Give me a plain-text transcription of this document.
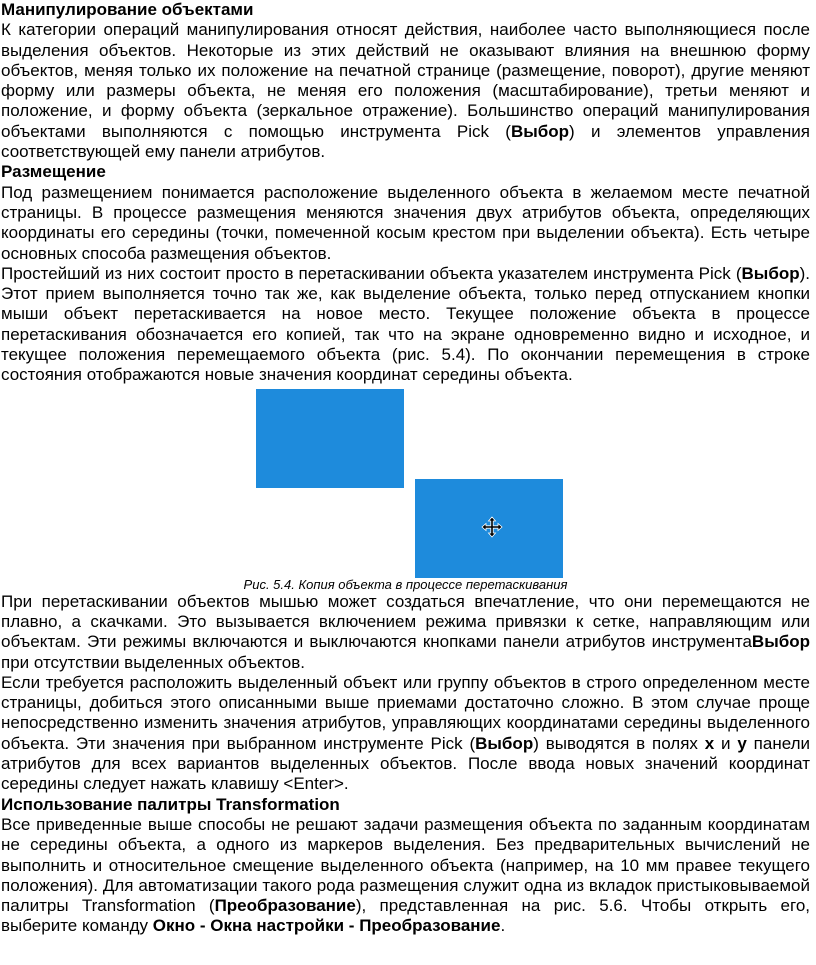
Манипулирование объектами

К категории операций манипулирования относят действия, наиболее часто выполняющиеся после выделения объектов. Некоторые из этих действий не оказывают влияния на внешнюю форму объектов, меняя только их положение на печатной странице (размещение, поворот), другие меняют форму или размеры объекта, не меняя его положения (масштабирование), третьи меняют и положение, и форму объекта (зеркальное отражение). Большинство операций манипулирования объектами выполняются с помощью инструмента Pick (Выбор) и элементов управления соответствующей ему панели атрибутов.

Размещение

Под размещением понимается расположение выделенного объекта в желаемом месте печатной страницы. В процессе размещения меняются значения двух атрибутов объекта, определяющих координаты его середины (точки, помеченной косым крестом при выделении объекта). Есть четыре основных способа размещения объектов.

Простейший из них состоит просто в перетаскивании объекта указателем инструмента Pick (Выбор). Этот прием выполняется точно так же, как выделение объекта, только перед отпусканием кнопки мыши объект перетаскивается на новое место. Текущее положение объекта в процессе перетаскивания обозначается его копией, так что на экране одновременно видно и исходное, и текущее положения перемещаемого объекта (рис. 5.4). По окончании перемещения в строке состояния отображаются новые значения координат середины объекта.

Рис. 5.4. Копия объекта в процессе перетаскивания

При перетаскивании объектов мышью может создаться впечатление, что они перемещаются не плавно, а скачками. Это вызывается включением режима привязки к сетке, направляющим или объектам. Эти режимы включаются и выключаются кнопками панели атрибутов инструментаВыбор при отсутствии выделенных объектов.

Если требуется расположить выделенный объект или группу объектов в строго определенном месте страницы, добиться этого описанными выше приемами достаточно сложно. В этом случае проще непосредственно изменить значения атрибутов, управляющих координатами середины выделенного объекта. Эти значения при выбранном инструменте Pick (Выбор) выводятся в полях x и y панели атрибутов для всех вариантов выделенных объектов. После ввода новых значений координат середины следует нажать клавишу <Enter>.

Использование палитры Transformation

Все приведенные выше способы не решают задачи размещения объекта по заданным координатам не середины объекта, а одного из маркеров выделения. Без предварительных вычислений не выполнить и относительное смещение выделенного объекта (например, на 10 мм правее текущего положения). Для автоматизации такого рода размещения служит одна из вкладок пристыковываемой палитры Transformation (Преобразование), представленная на рис. 5.6. Чтобы открыть его, выберите команду Окно - Окна настройки - Преобразование.
